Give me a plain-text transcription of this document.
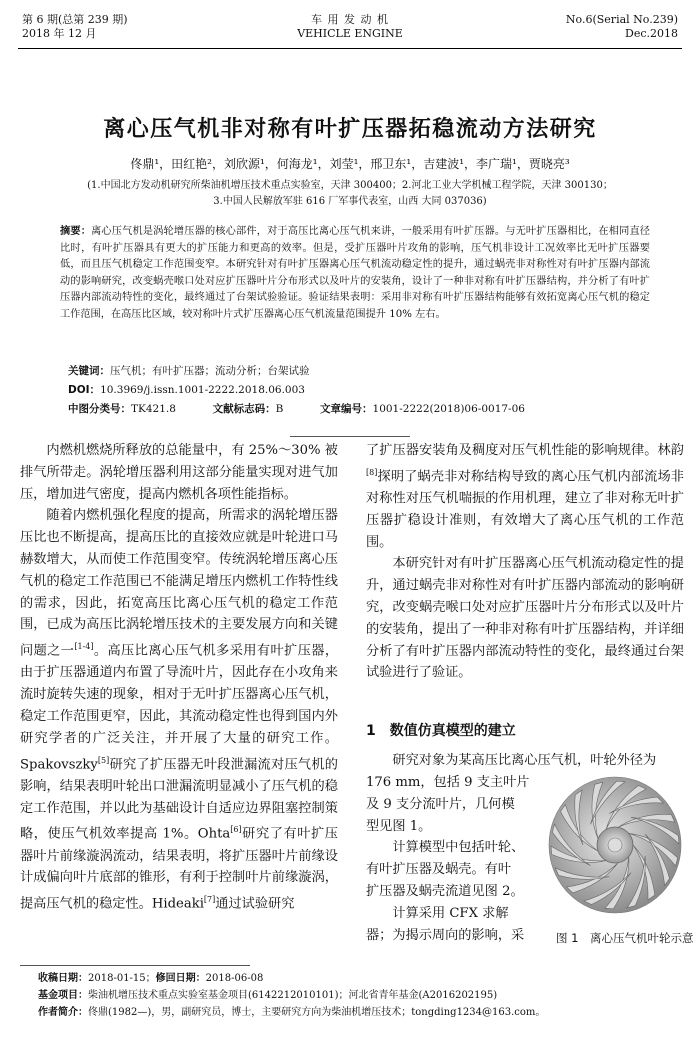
第 6 期(总第 239 期)
2018 年 12 月
车 用 发 动 机
VEHICLE ENGINE
No.6(Serial No.239)
Dec.2018
离心压气机非对称有叶扩压器拓稳流动方法研究
佟鼎¹，田红艳²，刘欣源¹，何海龙¹，刘莹¹，邢卫东¹，吉建波¹，李广瑞¹，贾晓亮³
(1.中国北方发动机研究所柴油机增压技术重点实验室，天津 300400；2.河北工业大学机械工程学院，天津 300130；
3.中国人民解放军驻 616 厂军事代表室，山西 大同 037036)
摘要：离心压气机是涡轮增压器的核心部件，对于高压比离心压气机来讲，一般采用有叶扩压器。与无叶扩压器相比，在相同直径比时，有叶扩压器具有更大的扩压能力和更高的效率。但是，受扩压器叶片攻角的影响，压气机非设计工况效率比无叶扩压器要低，而且压气机稳定工作范围变窄。本研究针对有叶扩压器离心压气机流动稳定性的提升，通过蜗壳非对称性对有叶扩压器内部流动的影响研究，改变蜗壳喉口处对应扩压器叶片分布形式以及叶片的安装角，设计了一种非对称有叶扩压器结构，并分析了有叶扩压器内部流动特性的变化，最终通过了台架试验验证。验证结果表明：采用非对称有叶扩压器结构能够有效拓宽离心压气机的稳定工作范围，在高压比区域，较对称叶片式扩压器离心压气机流量范围提升 10% 左右。
关键词：压气机；有叶扩压器；流动分析；台架试验
DOI：10.3969/j.issn.1001-2222.2018.06.003
中图分类号：TK421.8	文献标志码：B	文章编号：1001-2222(2018)06-0017-06

内燃机燃烧所释放的总能量中，有 25%～30% 被排气所带走。涡轮增压器利用这部分能量实现对进气加压，增加进气密度，提高内燃机各项性能指标。

随着内燃机强化程度的提高，所需求的涡轮增压器压比也不断提高，提高压比的直接效应就是叶轮进口马赫数增大，从而使工作范围变窄。传统涡轮增压离心压气机的稳定工作范围已不能满足增压内燃机工作特性线的需求，因此，拓宽高压比离心压气机的稳定工作范围，已成为高压比涡轮增压技术的主要发展方向和关键问题之一[1-4]。高压比离心压气机多采用有叶扩压器，由于扩压器通道内布置了导流叶片，因此存在小攻角来流时旋转失速的现象，相对于无叶扩压器离心压气机，稳定工作范围更窄，因此，其流动稳定性也得到国内外研究学者的广泛关注，并开展了大量的研究工作。Spakovszky[5]研究了扩压器无叶段泄漏流对压气机的影响，结果表明叶轮出口泄漏流明显减小了压气机的稳定工作范围，并以此为基础设计自适应边界阻塞控制策略，使压气机效率提高 1%。Ohta[6]研究了有叶扩压器叶片前缘漩涡流动，结果表明，将扩压器叶片前缘设计成偏向叶片底部的锥形，有利于控制叶片前缘漩涡，提高压气机的稳定性。Hideaki[7]通过试验研究

了扩压器安装角及稠度对压气机性能的影响规律。林韵[8]探明了蜗壳非对称结构导致的离心压气机内部流场非对称性对压气机喘振的作用机理，建立了非对称无叶扩压器扩稳设计准则，有效增大了离心压气机的工作范围。

本研究针对有叶扩压器离心压气机流动稳定性的提升，通过蜗壳非对称性对有叶扩压器内部流动的影响研究，改变蜗壳喉口处对应扩压器叶片分布形式以及叶片的安装角，提出了一种非对称有叶扩压器结构，并详细分析了有叶扩压器内部流动特性的变化，最终通过台架试验进行了验证。

1 数值仿真模型的建立
研究对象为某高压比离心压气机，叶轮外径为
176 mm，包括 9 支主叶片
及 9 支分流叶片，几何模
型见图 1。
计算模型中包括叶轮、
有叶扩压器及蜗壳。有叶
扩压器及蜗壳流道见图 2。
计算采用 CFX 求解
器；为揭示周向的影响，采	图 1　离心压气机叶轮示意
收稿日期：2018-01-15；修回日期：2018-06-08
基金项目：柴油机增压技术重点实验室基金项目(6142212010101)；河北省青年基金(A2016202195)
作者简介：佟鼎(1982—)，男，副研究员，博士，主要研究方向为柴油机增压技术；tongding1234@163.com。
